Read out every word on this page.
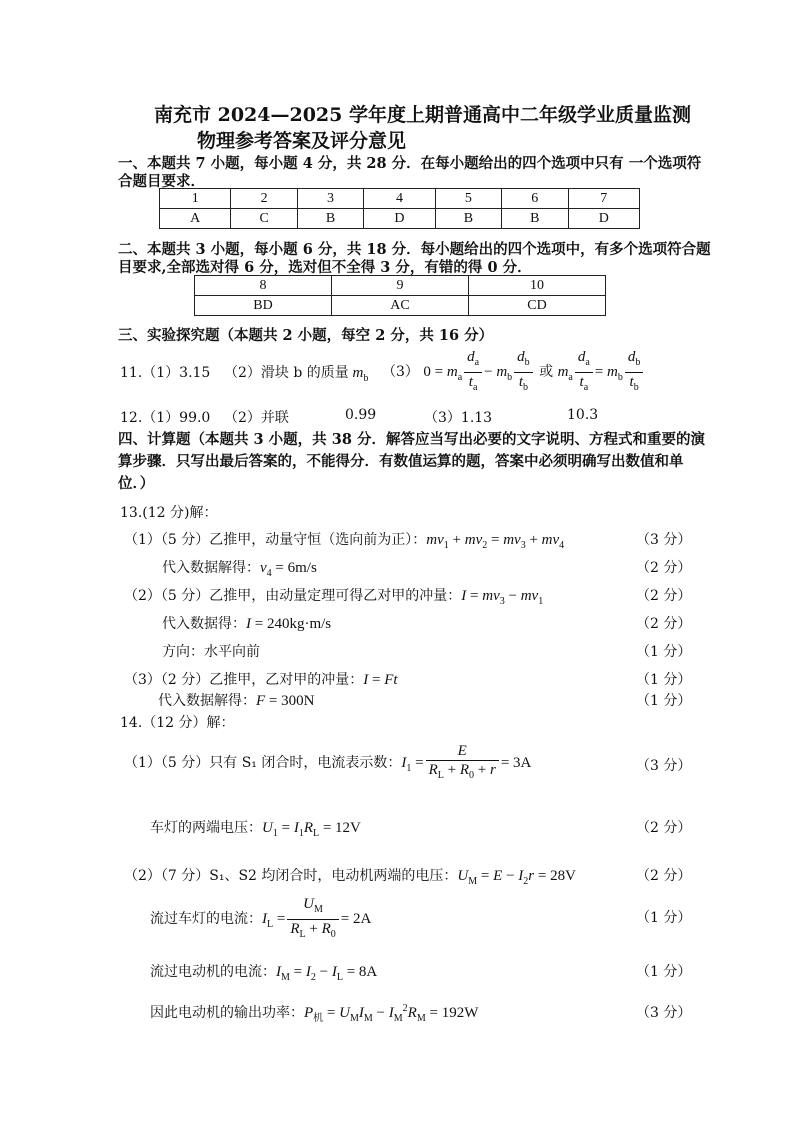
南充市 2024—2025 学年度上期普通高中二年级学业质量监测
物理参考答案及评分意见
一、本题共 7 小题，每小题 4 分，共 28 分．在每小题给出的四个选项中只有 一个选项符
合题目要求．
1	2	3	4	5	6	7
A	C	B	D	B	B	D
二、本题共 3 小题，每小题 6 分，共 18 分．每小题给出的四个选项中，有多个选项符合题
目要求,全部选对得 6 分，选对但不全得 3 分，有错的得 0 分．
8	9	10
BD	AC	CD
三、实验探究题（本题共 2 小题，每空 2 分，共 16 分）
11.（1）3.15 （2）滑块 b 的质量 $m_b$ （3） $0 = m_a \frac{d_a}{t_a} - m_b \frac{d_b}{t_b}$ 或 $m_a \frac{d_a}{t_a} = m_b \frac{d_b}{t_b}$
12.（1）99.0 （2）并联	0.99	（3）1.13	10.3
四、计算题（本题共 3 小题，共 38 分．解答应当写出必要的文字说明、方程式和重要的演
算步骤．只写出最后答案的，不能得分．有数值运算的题，答案中必须明确写出数值和单
位．）
13.(12 分)解：
（1）（5 分）乙推甲，动量守恒（选向前为正）：$mv_1 + mv_2 = mv_3 + mv_4$	（3 分）
代入数据解得：$v_4 = 6m/s$	（2 分）
（2）（5 分）乙推甲，由动量定理可得乙对甲的冲量：$I = mv_3 - mv_1$	（2 分）
代入数据得：I = 240kg·m/s	（2 分）
方向：水平向前	（1 分）
（3）（2 分）乙推甲，乙对甲的冲量：I = Ft	（1 分）
代入数据解得：F = 300N	（1 分）
14.（12 分）解：
（1）（5 分）只有 S₁ 闭合时，电流表示数：$I_1 = \frac{E}{R_L + R_0 + r} = 3A$	（3 分）
车灯的两端电压：$U_1 = I_1R_L = 12V$	（2 分）
（2）（7 分）S₁、S2 均闭合时，电动机两端的电压：$U_M = E - I_2r = 28V$	（2 分）
流过车灯的电流：$I_L = \frac{U_M}{R_L + R_0} = 2A$	（1 分）
流过电动机的电流：$I_M = I_2 - I_L = 8A$	（1 分）
因此电动机的输出功率：$P_机 = U_MI_M - I_M^2R_M = 192W$	（3 分）
